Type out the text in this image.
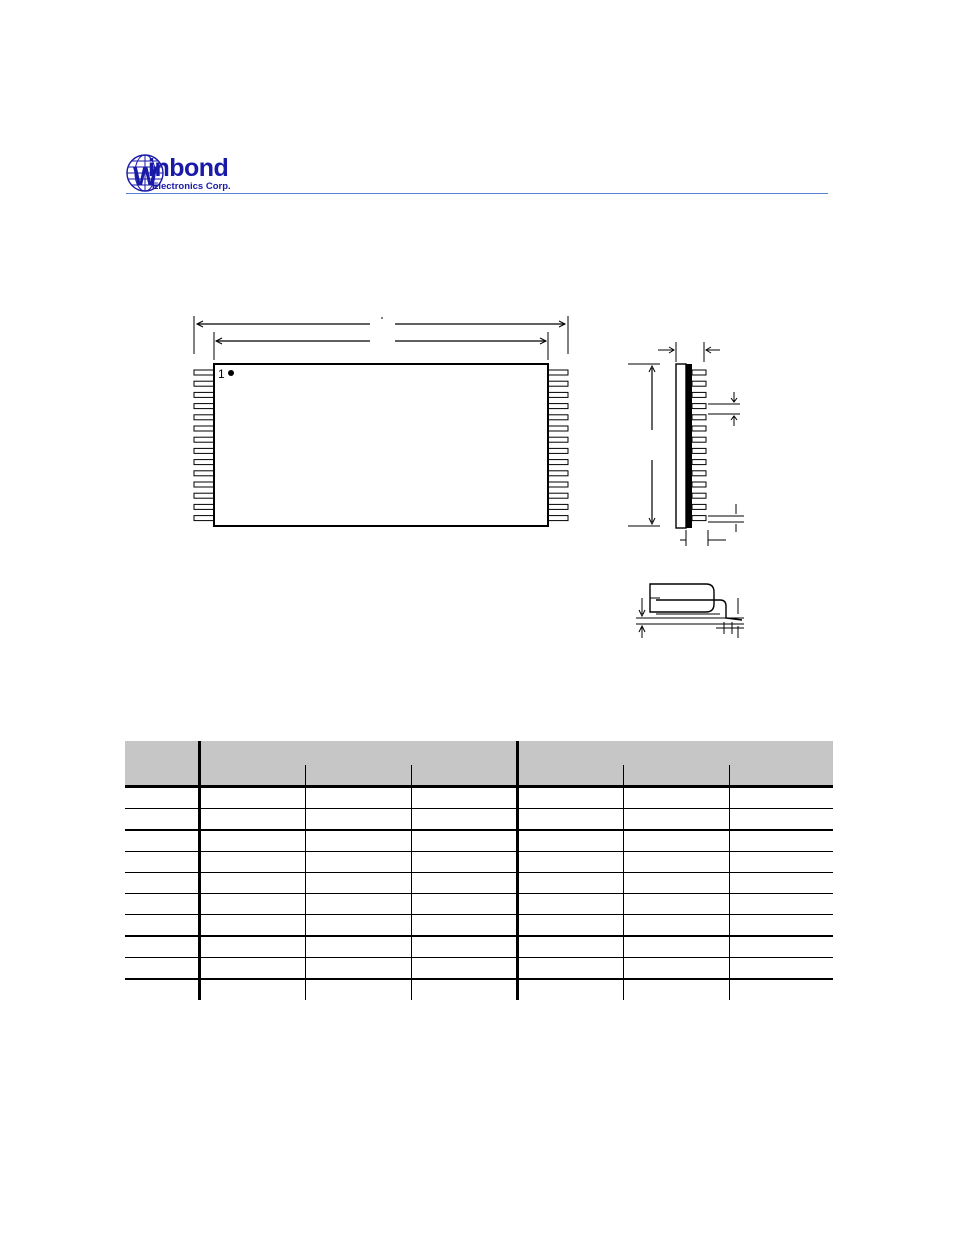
W
inbond
Electronics Corp.
1
